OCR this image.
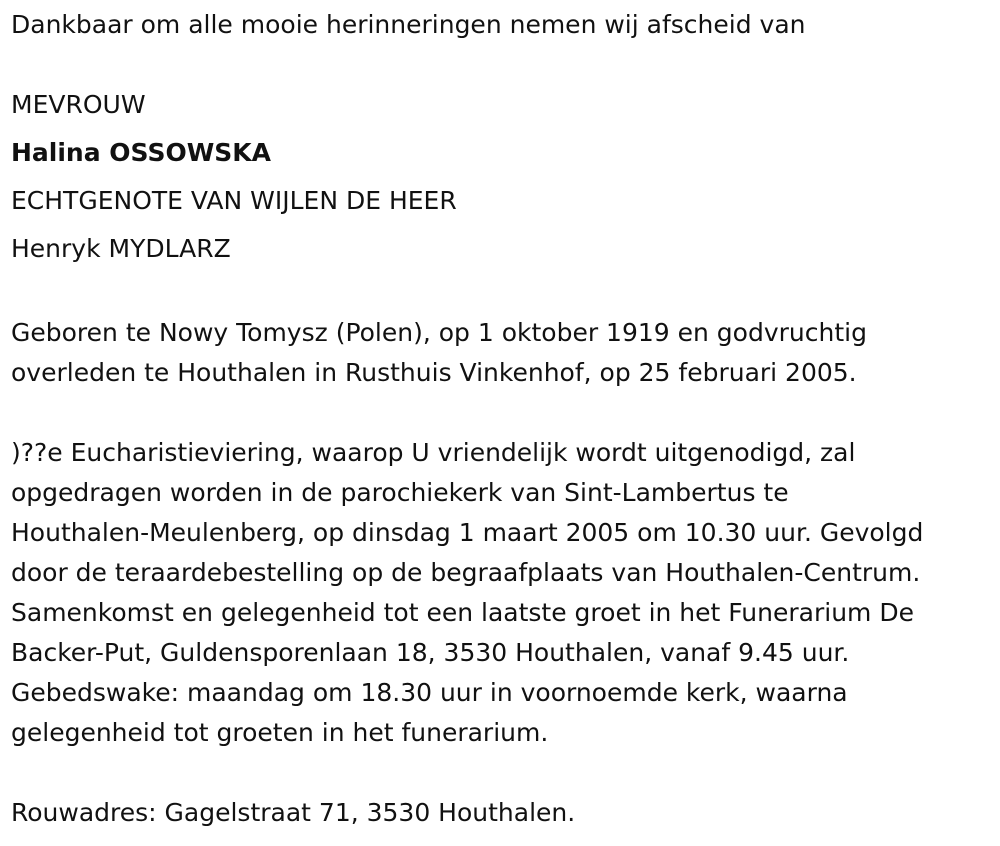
Dankbaar om alle mooie herinneringen nemen wij afscheid van
MEVROUW
Halina OSSOWSKA
ECHTGENOTE VAN WIJLEN DE HEER
Henryk MYDLARZ
Geboren te Nowy Tomysz (Polen), op 1 oktober 1919 en godvruchtig
overleden te Houthalen in Rusthuis Vinkenhof, op 25 februari 2005.
)??e Eucharistieviering, waarop U vriendelijk wordt uitgenodigd, zal
opgedragen worden in de parochiekerk van Sint-Lambertus te
Houthalen-Meulenberg, op dinsdag 1 maart 2005 om 10.30 uur. Gevolgd
door de teraardebestelling op de begraafplaats van Houthalen-Centrum.
Samenkomst en gelegenheid tot een laatste groet in het Funerarium De
Backer-Put, Guldensporenlaan 18, 3530 Houthalen, vanaf 9.45 uur.
Gebedswake: maandag om 18.30 uur in voornoemde kerk, waarna
gelegenheid tot groeten in het funerarium.
Rouwadres: Gagelstraat 71, 3530 Houthalen.
